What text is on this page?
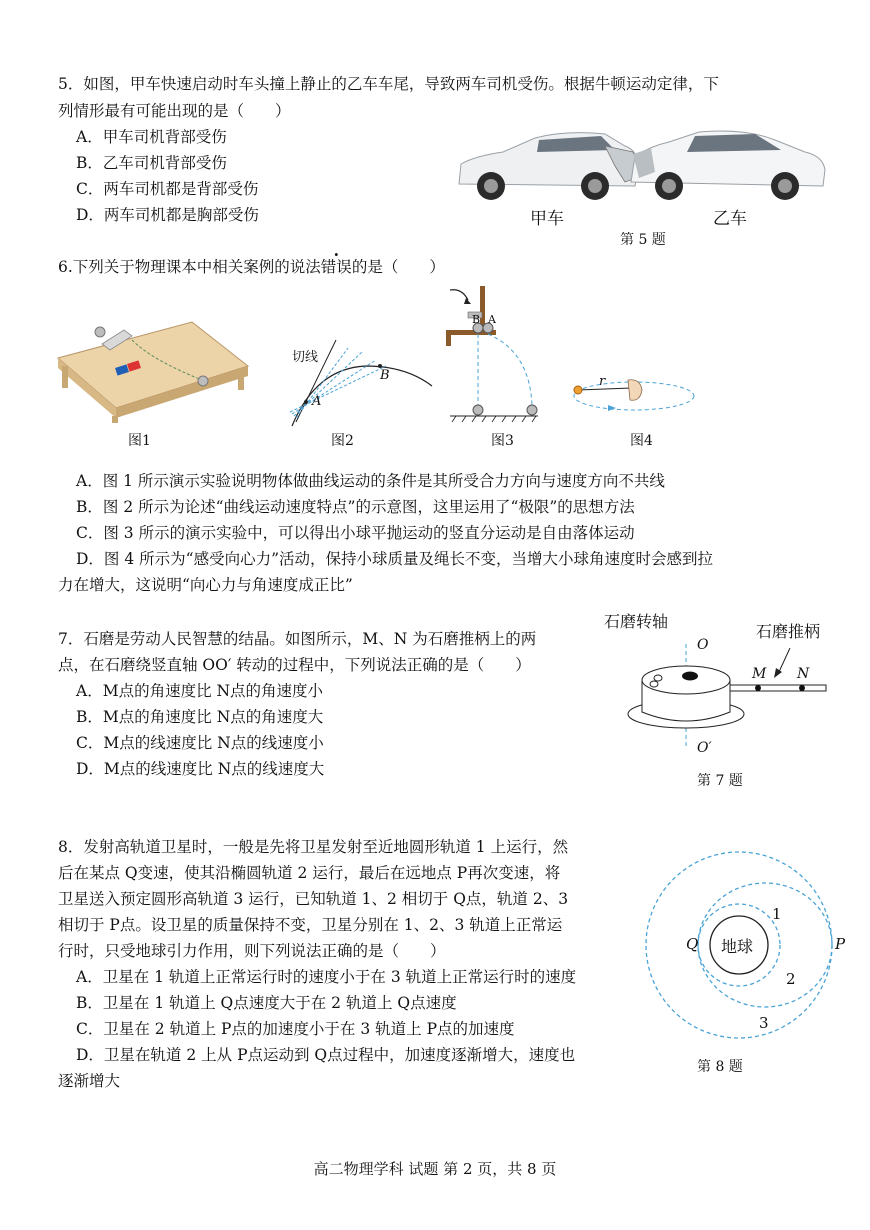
5．如图，甲车快速启动时车头撞上静止的乙车车尾，导致两车司机受伤。根据牛顿运动定律，下
列情形最有可能出现的是（　　）
A．甲车司机背部受伤
B．乙车司机背部受伤
C．两车司机都是背部受伤
D．两车司机都是胸部受伤	甲车	乙车
第 5 题
6.下列关于物理课本中相关案例的说法错误的是（　　）
图1
切线
A
B
图2
B A
图3
r
图4
A．图 1 所示演示实验说明物体做曲线运动的条件是其所受合力方向与速度方向不共线
B．图 2 所示为论述“曲线运动速度特点”的示意图，这里运用了“极限”的思想方法
C．图 3 所示的演示实验中，可以得出小球平抛运动的竖直分运动是自由落体运动
D．图 4 所示为“感受向心力”活动，保持小球质量及绳长不变，当增大小球角速度时会感到拉
力在增大，这说明“向心力与角速度成正比”
7．石磨是劳动人民智慧的结晶。如图所示，M、N 为石磨推柄上的两
点，在石磨绕竖直轴 OO′ 转动的过程中，下列说法正确的是（　　）
A．M点的角速度比 N点的角速度小
B．M点的角速度比 N点的角速度大
C．M点的线速度比 N点的线速度小
D．M点的线速度比 N点的线速度大
石磨转轴
石磨推柄
O
O′
M N
第 7 题
8．发射高轨道卫星时，一般是先将卫星发射至近地圆形轨道 1 上运行，然
后在某点 Q变速，使其沿椭圆轨道 2 运行，最后在远地点 P再次变速，将
卫星送入预定圆形高轨道 3 运行，已知轨道 1、2 相切于 Q点，轨道 2、3
相切于 P点。设卫星的质量保持不变，卫星分别在 1、2、3 轨道上正常运
行时，只受地球引力作用，则下列说法正确的是（　　）
A．卫星在 1 轨道上正常运行时的速度小于在 3 轨道上正常运行时的速度
B．卫星在 1 轨道上 Q点速度大于在 2 轨道上 Q点速度
C．卫星在 2 轨道上 P点的加速度小于在 3 轨道上 P点的加速度
D．卫星在轨道 2 上从 P点运动到 Q点过程中，加速度逐渐增大，速度也
逐渐增大
地球
Q	P
1
2
3
第 8 题
高二物理学科 试题 第 2 页，共 8 页
